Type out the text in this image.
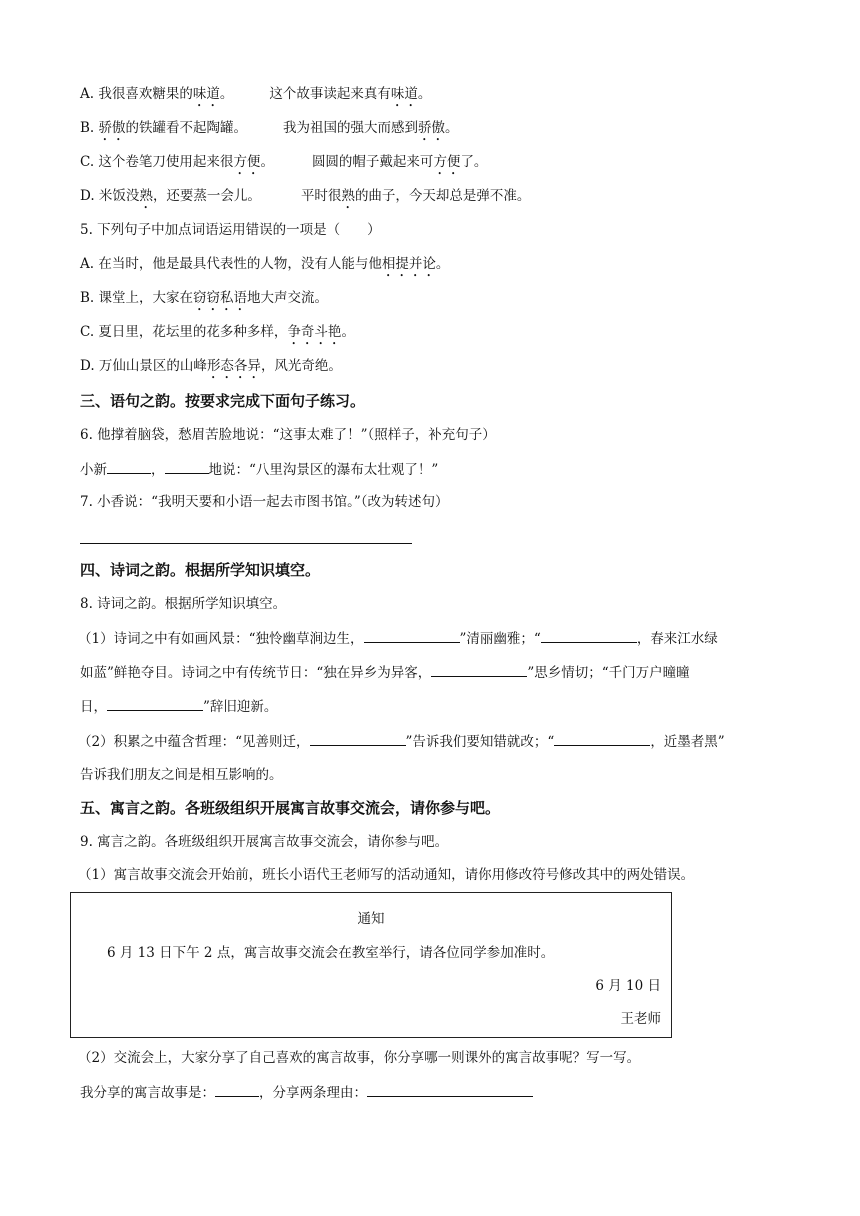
A. 我很喜欢糖果的味道。	这个故事读起来真有味道。
B. 骄傲的铁罐看不起陶罐。	我为祖国的强大而感到骄傲。
C. 这个卷笔刀使用起来很方便。	圆圆的帽子戴起来可方便了。
D. 米饭没熟，还要蒸一会儿。	平时很熟的曲子，今天却总是弹不准。
5. 下列句子中加点词语运用错误的一项是（　　）
A. 在当时，他是最具代表性的人物，没有人能与他相提并论。
B. 课堂上，大家在窃窃私语地大声交流。
C. 夏日里，花坛里的花多种多样，争奇斗艳。
D. 万仙山景区的山峰形态各异，风光奇绝。
三、语句之韵。按要求完成下面句子练习。
6. 他撑着脑袋，愁眉苦脸地说：“这事太难了！”（照样子，补充句子）
小新	，	地说：“八里沟景区的瀑布太壮观了！”
7. 小香说：“我明天要和小语一起去市图书馆。”（改为转述句）
四、诗词之韵。根据所学知识填空。
8. 诗词之韵。根据所学知识填空。
（1）诗词之中有如画风景：“独怜幽草涧边生，	”清丽幽雅；“	，春来江水绿
如蓝”鲜艳夺目。诗词之中有传统节日：“独在异乡为异客，	”思乡情切；“千门万户曈曈
日，	”辞旧迎新。
（2）积累之中蕴含哲理：“见善则迁，	”告诉我们要知错就改；“	，近墨者黑”
告诉我们朋友之间是相互影响的。
五、寓言之韵。各班级组织开展寓言故事交流会，请你参与吧。
9. 寓言之韵。各班级组织开展寓言故事交流会，请你参与吧。
（1）寓言故事交流会开始前，班长小语代王老师写的活动通知，请你用修改符号修改其中的两处错误。
通知
6 月 13 日下午 2 点，寓言故事交流会在教室举行，请各位同学参加准时。
6 月 10 日
王老师
（2）交流会上，大家分享了自己喜欢的寓言故事，你分享哪一则课外的寓言故事呢？写一写。
我分享的寓言故事是：	，分享两条理由：
